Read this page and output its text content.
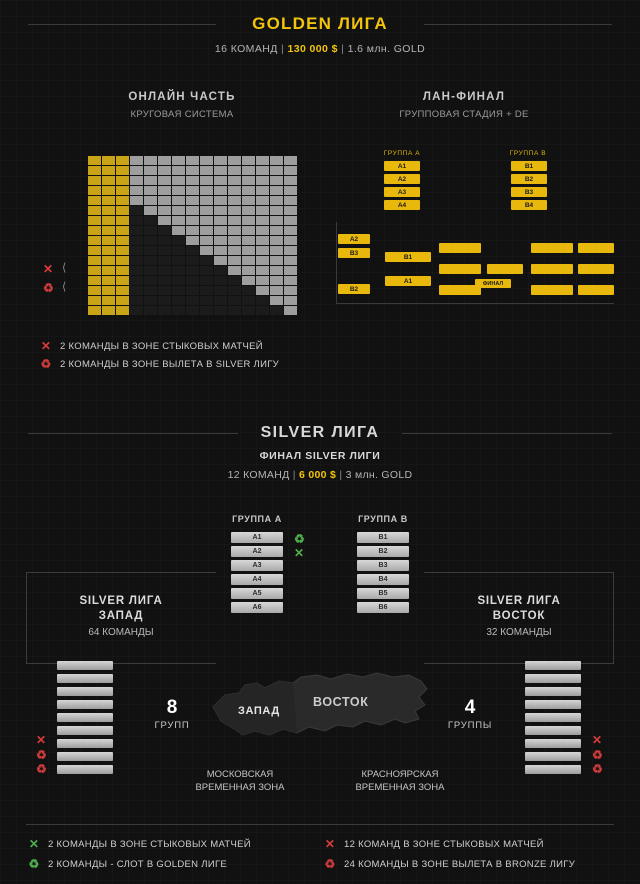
GOLDEN ЛИГА
16 КОМАНД | 130 000 $ | 1.6 млн. GOLD
ОНЛАЙН ЧАСТЬ
КРУГОВАЯ СИСТЕМА
ЛАН-ФИНАЛ
ГРУППОВАЯ СТАДИЯ + DE
✕
♻
⟨
⟨
✕ 2 КОМАНДЫ В ЗОНЕ СТЫКОВЫХ МАТЧЕЙ
♻ 2 КОМАНДЫ В ЗОНЕ ВЫЛЕТА В SILVER ЛИГУ
ГРУППА А
A1
A2
A3
A4
ГРУППА В
B1
B2
B3
B4
A2
B3
B2
B1
A1	ФИНАЛ
SILVER ЛИГА
ФИНАЛ SILVER ЛИГИ
12 КОМАНД | 6 000 $ | 3 млн. GOLD
ГРУППА А
A1
A2
A3
A4
A5
A6
♻
✕
ГРУППА В
B1
B2
B3
B4
B5
B6
SILVER ЛИГА
ЗАПАД
64 КОМАНДЫ
SILVER ЛИГА
ВОСТОК
32 КОМАНДЫ
8
ГРУПП
✕
♻
♻
4
ГРУППЫ
✕
♻
♻
ЗАПАД
ВОСТОК
МОСКОВСКАЯ
ВРЕМЕННАЯ ЗОНА
КРАСНОЯРСКАЯ
ВРЕМЕННАЯ ЗОНА
✕ 2 КОМАНДЫ В ЗОНЕ СТЫКОВЫХ МАТЧЕЙ
♻ 2 КОМАНДЫ - СЛОТ В GOLDEN ЛИГЕ
✕ 12 КОМАНД В ЗОНЕ СТЫКОВЫХ МАТЧЕЙ
♻ 24 КОМАНДЫ В ЗОНЕ ВЫЛЕТА В BRONZE ЛИГУ
